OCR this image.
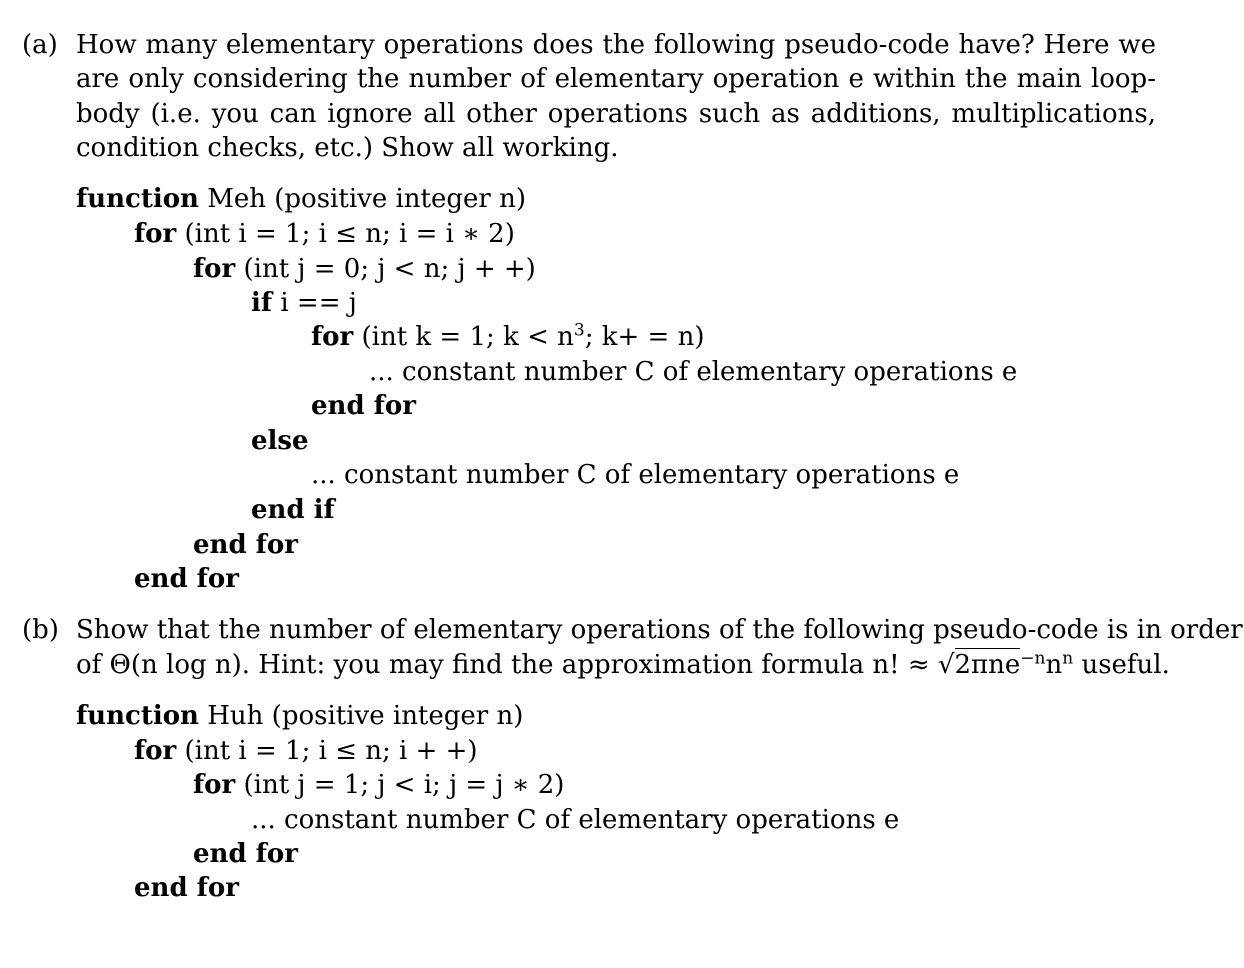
(a) How many elementary operations does the following pseudo-code have? Here we are only considering the number of elementary operation e within the main loop-body (i.e. you can ignore all other operations such as additions, multiplications, condition checks, etc.) Show all working.
function Meh (positive integer n)
for (int i = 1; i ≤ n; i = i ∗ 2)
for (int j = 0; j < n; j + +)
if i == j
for (int k = 1; $k < n^3$; k+ = n)
... constant number C of elementary operations e
end for
else
... constant number C of elementary operations e
end if
end for
end for
(b) Show that the number of elementary operations of the following pseudo-code is in order
of Θ(n log n). Hint: you may find the approximation formula n! ≈ $√2\pi ne^{-n}n^n$ useful.
function Huh (positive integer n)
for (int i = 1; i ≤ n; i + +)
for (int j = 1; j < i; j = j ∗ 2)
... constant number C of elementary operations e
end for
end for
